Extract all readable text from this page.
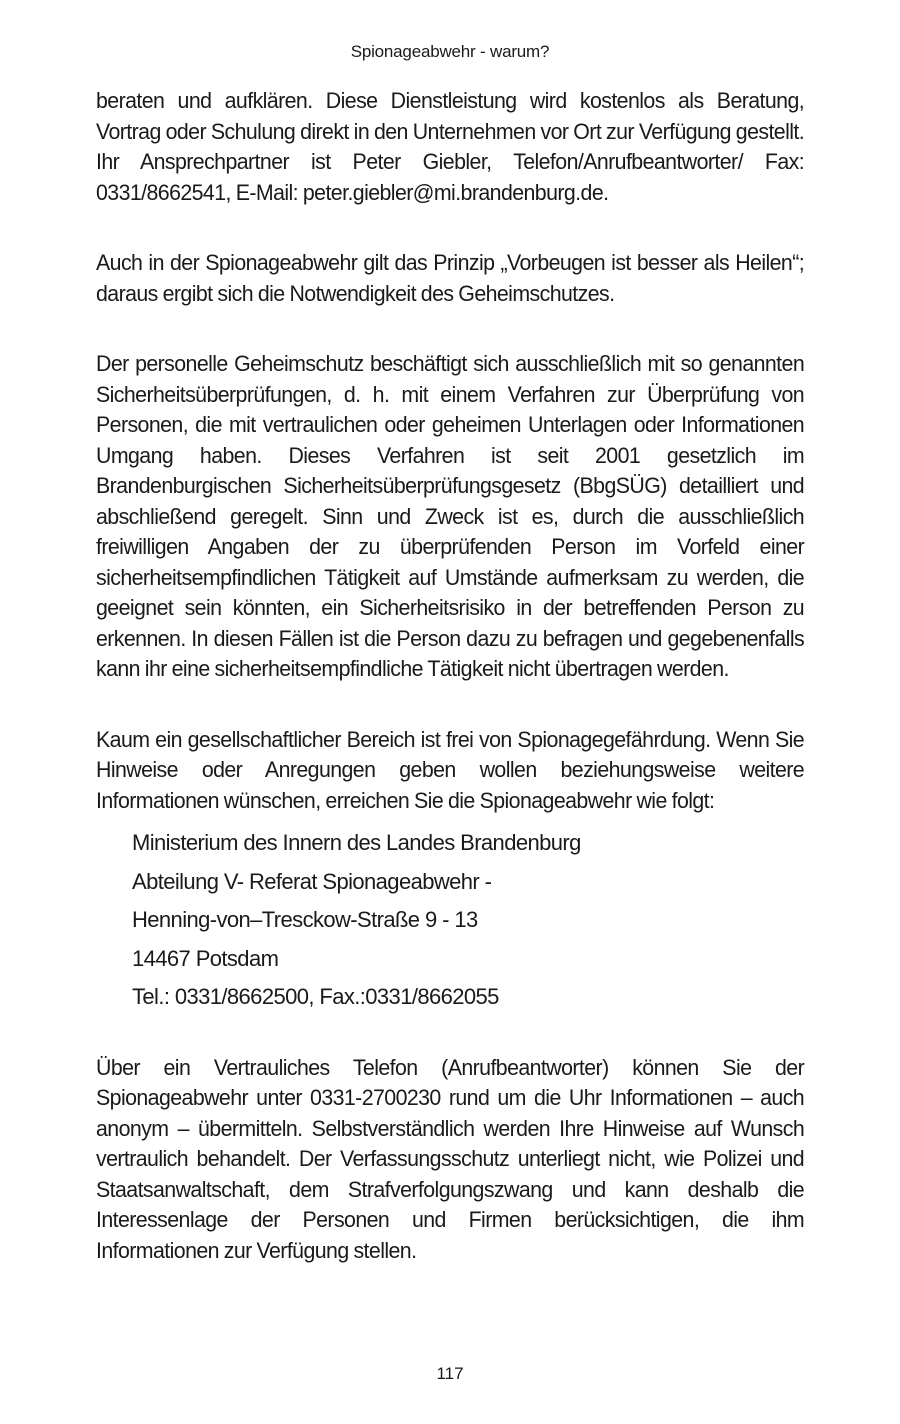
Spionageabwehr - warum?

beraten und aufklären. Diese Dienstleistung wird kostenlos als Beratung, Vortrag oder Schulung direkt in den Unternehmen vor Ort zur Verfügung gestellt. Ihr Ansprechpartner ist Peter Giebler, Telefon/Anrufbeantworter/ Fax: 0331/8662541, E-Mail: peter.giebler@mi.brandenburg.de.

Auch in der Spionageabwehr gilt das Prinzip „Vorbeugen ist besser als Heilen“; daraus ergibt sich die Notwendigkeit des Geheimschutzes.

Der personelle Geheimschutz beschäftigt sich ausschließlich mit so genannten Sicherheitsüberprüfungen, d. h. mit einem Verfahren zur Überprüfung von Personen, die mit vertraulichen oder geheimen Unterlagen oder Informationen Umgang haben. Dieses Verfahren ist seit 2001 gesetzlich im Brandenburgischen Sicherheitsüberprüfungsgesetz (BbgSÜG) detailliert und abschließend geregelt. Sinn und Zweck ist es, durch die ausschließlich freiwilligen Angaben der zu überprüfenden Person im Vorfeld einer sicherheitsempfindlichen Tätigkeit auf Umstände aufmerksam zu werden, die geeignet sein könnten, ein Sicherheitsrisiko in der betreffenden Person zu erkennen. In diesen Fällen ist die Person dazu zu befragen und gegebenenfalls kann ihr eine sicherheitsempfindliche Tätigkeit nicht übertragen werden.

Kaum ein gesellschaftlicher Bereich ist frei von Spionagegefährdung. Wenn Sie Hinweise oder Anregungen geben wollen beziehungsweise weitere Informationen wünschen, erreichen Sie die Spionageabwehr wie folgt:

Ministerium des Innern des Landes Brandenburg
Abteilung V- Referat Spionageabwehr -
Henning-von–Tresckow-Straße 9 - 13
14467 Potsdam
Tel.: 0331/8662500, Fax.:0331/8662055

Über ein Vertrauliches Telefon (Anrufbeantworter) können Sie der Spionageabwehr unter 0331-2700230 rund um die Uhr Informationen – auch anonym – übermitteln. Selbstverständlich werden Ihre Hinweise auf Wunsch vertraulich behandelt. Der Verfassungsschutz unterliegt nicht, wie Polizei und Staatsanwaltschaft, dem Strafverfolgungszwang und kann deshalb die Interessenlage der Personen und Firmen berücksichtigen, die ihm Informationen zur Verfügung stellen.

117
